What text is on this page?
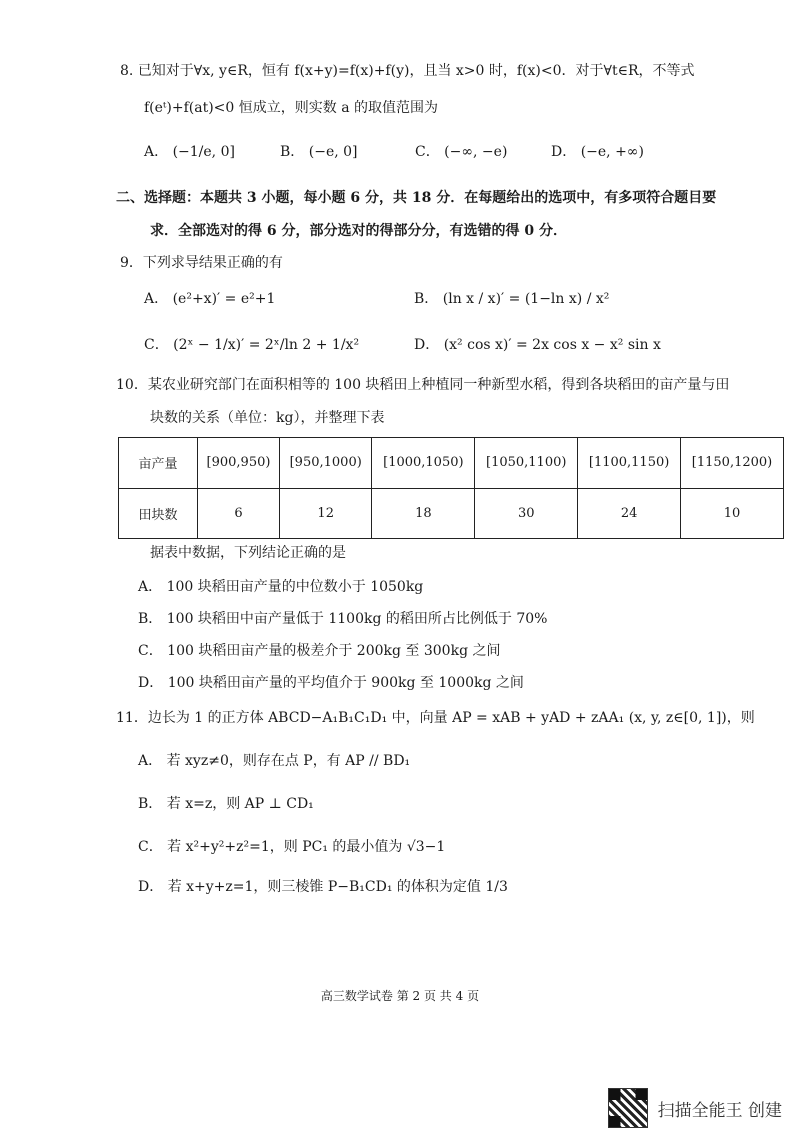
8. 已知对于∀x, y∈R，恒有 f(x+y)=f(x)+f(y)，且当 x>0 时，f(x)<0．对于∀t∈R，不等式
f(eᵗ)+f(at)<0 恒成立，则实数 a 的取值范围为
A． (−1/e, 0]	B． (−e, 0]	C． (−∞, −e)	D． (−e, +∞)
二、选择题：本题共 3 小题，每小题 6 分，共 18 分．在每题给出的选项中，有多项符合题目要
求．全部选对的得 6 分，部分选对的得部分分，有选错的得 0 分．
9．下列求导结果正确的有
A． (e²+x)′ = e²+1	B． (ln x / x)′ = (1−ln x) / x²
C． (2ˣ − 1/x)′ = 2ˣ/ln 2 + 1/x²	D． (x² cos x)′ = 2x cos x − x² sin x
10．某农业研究部门在面积相等的 100 块稻田上种植同一种新型水稻，得到各块稻田的亩产量与田
块数的关系（单位：kg），并整理下表
亩产量	[900,950)	[950,1000)	[1000,1050)	[1050,1100)	[1100,1150)	[1150,1200)
田块数	6	12	18	30	24	10
据表中数据，下列结论正确的是
A． 100 块稻田亩产量的中位数小于 1050kg
B． 100 块稻田中亩产量低于 1100kg 的稻田所占比例低于 70%
C． 100 块稻田亩产量的极差介于 200kg 至 300kg 之间
D． 100 块稻田亩产量的平均值介于 900kg 至 1000kg 之间
11．边长为 1 的正方体 ABCD−A₁B₁C₁D₁ 中，向量 AP = xAB + yAD + zAA₁ (x, y, z∈[0, 1])，则
A． 若 xyz≠0，则存在点 P，有 AP // BD₁
B． 若 x=z，则 AP ⊥ CD₁
C． 若 x²+y²+z²=1，则 PC₁ 的最小值为 √3−1
D． 若 x+y+z=1，则三棱锥 P−B₁CD₁ 的体积为定值 1/3
高三数学试卷 第 2 页 共 4 页
扫描全能王 创建
